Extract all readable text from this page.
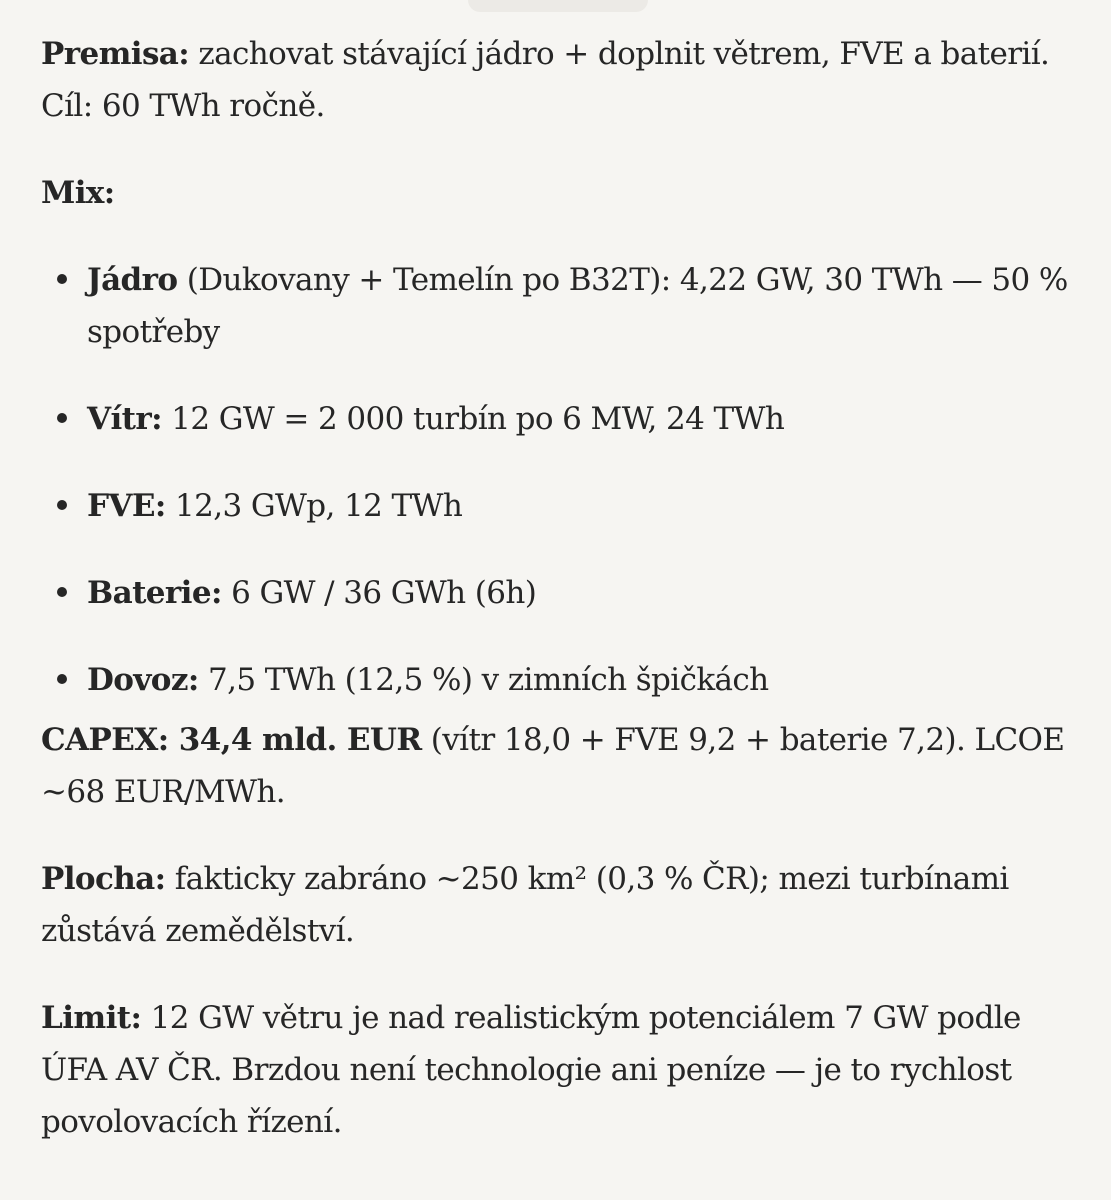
Premisa: zachovat stávající jádro + doplnit větrem, FVE a baterií. Cíl: 60 TWh ročně.

Mix:

Jádro (Dukovany + Temelín po B32T): 4,22 GW, 30 TWh — 50 % spotřeby
Vítr: 12 GW = 2 000 turbín po 6 MW, 24 TWh
FVE: 12,3 GWp, 12 TWh
Baterie: 6 GW / 36 GWh (6h)
Dovoz: 7,5 TWh (12,5 %) v zimních špičkách

CAPEX: 34,4 mld. EUR (vítr 18,0 + FVE 9,2 + baterie 7,2). LCOE ~68 EUR/MWh.

Plocha: fakticky zabráno ~250 km² (0,3 % ČR); mezi turbínami zůstává zemědělství.

Limit: 12 GW větru je nad realistickým potenciálem 7 GW podle ÚFA AV ČR. Brzdou není technologie ani peníze — je to rychlost povolovacích řízení.
